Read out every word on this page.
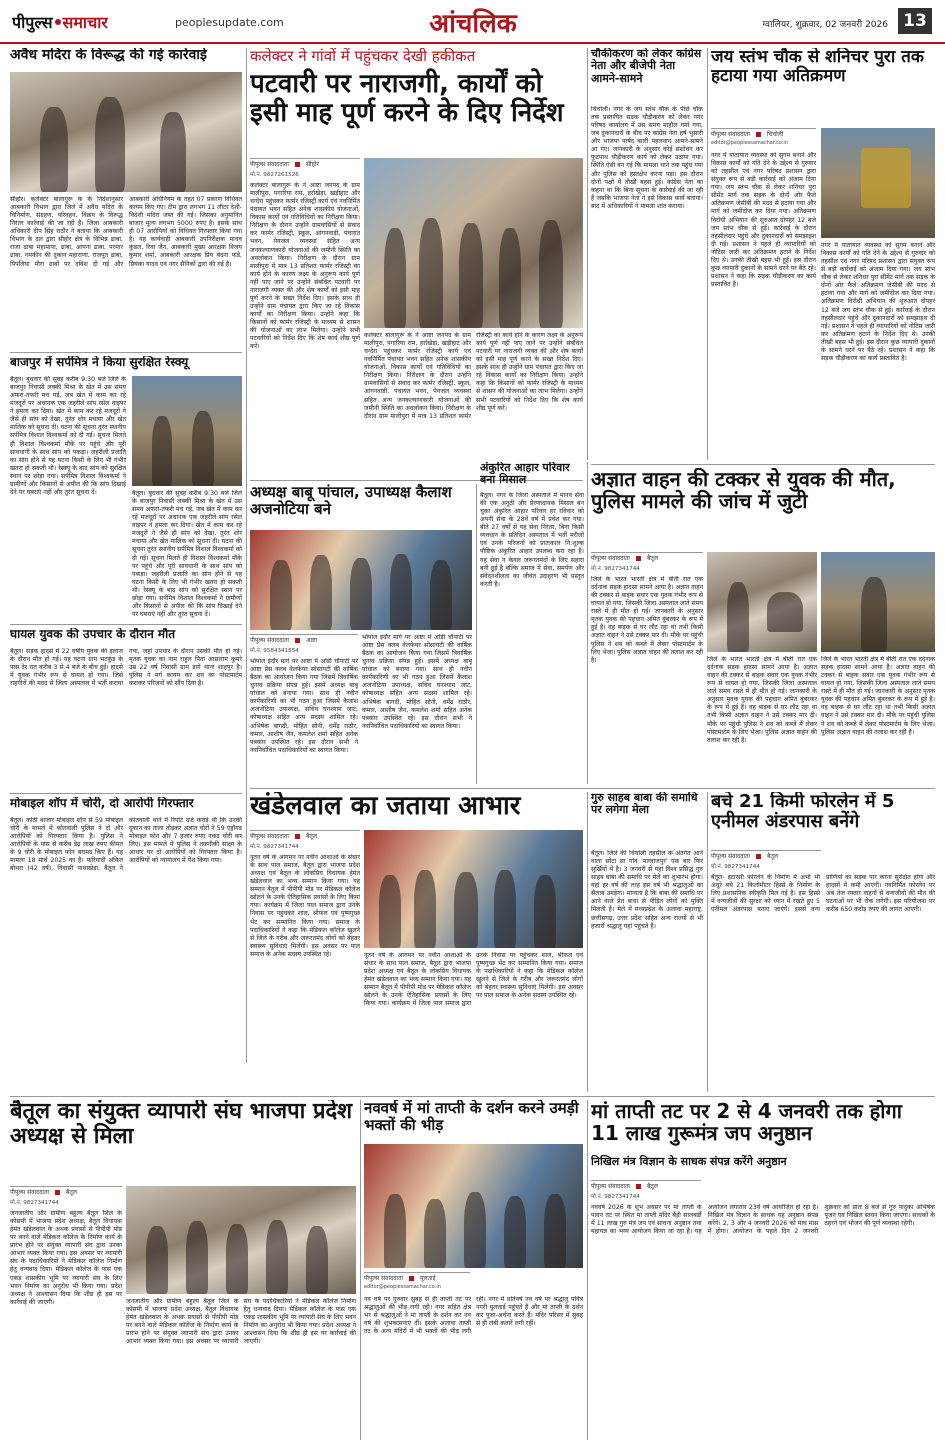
पीपुल्स समाचार	peoplesupdate.com	आंचलिक	ग्वालियर, शुक्रवार, 02 जनवरी 2026 13
अवैध मदिरा के विरूद्ध की गई कार्रवाई
सीहोर। कलेक्टर बालागुरू के के निर्देशानुसार आबकारी विभाग द्वारा जिले में अवैध मदिरा के विनिर्माण, संग्रहण, परिवहन, विक्रय के विरूद्ध निरंतर कार्रवाई की जा रही है। जिला आबकारी अधिकारी दीप सिंह राठौर ने बताया कि आबकारी विभाग के दल द्वारा सीहोर क्षेत्र के विभिन्न ढाबा, राजा ढाबा महामाया, ढाबा, आपना ढाबा, परमार ढाबा, नमकीन की दुकान महाराणा, राजपुत ढाबा, पिपलिया मीरा ढाबों पर दबिश दी गई और आबकारी अधिनियम के तहत 07 प्रकरण विधिवत कायम किए गए। टीम द्वारा लगभग 11 लीटर देशी-विदेशी मदिरा जब्त की गई। जिसका अनुमानित बाजार मूल्य लगभग 5000 रुपए है। इसके साथ ही 07 आरोपियों को विधिवत गिरफ्तार किया गया है। यह कार्यवाही आबकारी उपनिरीक्षक माधव कुंडल, रिवा जैन, आबकारी मुख्य आरक्षक विजय कुमार शर्मा, आबकारी आरक्षक प्रिय बंदना पांडे, प्रियंका यादव एवं नगर सैनिकों द्वारा की गई है।
बाजपुर में सर्पमित्र ने किया सुरक्षित रेस्क्यू
बैतूल। बुधवार की सुबह करीब 9:30 बजे जिले के बाजपुर निवासी लक्की मिश्रा के खेत में उस समय अफरा-तफरी मच गई, जब खेत में काम कर रहे मजदूरों पर अचानक एक जहरीले सांप रसेल वाइपर ने हमला कर दिया। खेत में काम कर रहे मजदूरों ने जैसे ही सांप को देखा, तुरंत शोर मचाया और खेत मालिक को सूचना दी। घटना की सूचना तुरंत स्थानीय सर्पमित्र विशाल विश्वकर्मा को दी गई। सूचना मिलते ही विशाल विश्वकर्मा मौके पर पहुंचे और पूरी सावधानी के साथ सांप को पकड़ा। जहरीली प्रजाति का सांप होने से यह घटना किसी के लिए भी गंभीर खतरा हो सकती थी। रेस्क्यू के बाद सांप को सुरक्षित स्थान पर छोड़ा गया। सर्पमित्र विशाल विश्वकर्मा ने ग्रामीणों और किसानों से अपील की कि सांप दिखाई देने पर घबराएं नहीं और तुरंत सूचना दें।	बैतूल। बुधवार की सुबह करीब 9:30 बजे जिले के बाजपुर निवासी लक्की मिश्रा के खेत में उस समय अफरा-तफरी मच गई, जब खेत में काम कर रहे मजदूरों पर अचानक एक जहरीले सांप रसेल वाइपर ने हमला कर दिया। खेत में काम कर रहे मजदूरों ने जैसे ही सांप को देखा, तुरंत शोर मचाया और खेत मालिक को सूचना दी। घटना की सूचना तुरंत स्थानीय सर्पमित्र विशाल विश्वकर्मा को दी गई। सूचना मिलते ही विशाल विश्वकर्मा मौके पर पहुंचे और पूरी सावधानी के साथ सांप को पकड़ा। जहरीली प्रजाति का सांप होने से यह घटना किसी के लिए भी गंभीर खतरा हो सकती थी। रेस्क्यू के बाद सांप को सुरक्षित स्थान पर छोड़ा गया। सर्पमित्र विशाल विश्वकर्मा ने ग्रामीणों और किसानों से अपील की कि सांप दिखाई देने पर घबराएं नहीं और तुरंत सूचना दें।
घायल युवक की उपचार के दौरान मौत
बैतूल। सड़क हादसे में 22 वर्षीय युवक की इलाज के दौरान मौत हो गई। यह घटना ग्राम भटकुंड के पास देर रात करीब 3 से 4 बजे के बीच हुई। हादसे में युवक गंभीर रूप से घायल हो गया। जिसे राहगीरों की मदद से जिला अस्पताल में भर्ती कराया गया, जहां उपचार के दौरान उसकी मौत हो गई। मृतक युवक का नाम राहुल पिता आसाराम कुमरे उम्र 22 वर्ष निवासी ग्राम डागे थाना शाहपुर है। पुलिस ने मर्ग कायम कर शव का पोस्टमार्टम कराकर परिजनों को सौंप दिया है।
मोबाइल शॉप में चोरी, दो आरोपी गिरफ्तार
बैतूल। कोठी बाजार मोबाइल शॉप से 59 मोबाइल चोरी के मामले में कोतवाली पुलिस ने दो और आरोपियों को गिरफ्तार किया है। पुलिस ने आरोपियों के पास से करीब डेढ़ लाख रुपए कीमत के 9 चोरी के मोबाइल फोन बरामद किए हैं। यह मामला 18 मार्च 2025 का है। फरियादी अंकित बोथरा (42 वर्ष), निवासी पाथाखेड़ा, बैतूल ने कोतवाली थाने में रिपोर्ट दर्ज कराई थी कि उनकी दुकान का ताला तोड़कर अज्ञात चोरों ने 59 एंड्रॉयड मोबाइल फोन और 7 हजार रुपए नकद चोरी कर लिए। इस मामले में पुलिस ने तकनीकी साक्ष्य के आधार पर दो आरोपियों को गिरफ्तार किया है। आरोपियों को न्यायालय में पेश किया गया।
कलेक्टर ने गांवों में पहुंचकर देखी हकीकत
पटवारी पर नाराजगी, कार्यों को इसी माह पूर्ण करने के दिए निर्देश
पीपुल्स संवाददाता	सीहोर
मो.नं. 9827261526
कलेक्टर बालागुरू के ने आष्टा जनपद के ग्राम मालीपुरा, पगारिया राम, हर्राखेड़ा, खड़ीहाट और चन्देरा पहुंचकर फार्मर रजिस्ट्री कार्य एवं नवनिर्मित पंचायत भवन सहित अनेक शासकीय योजनाओं, विकास कार्यों एवं गतिविधियों का निरीक्षण किया। निरीक्षण के दौरान उन्होंने ग्रामवासियों से संवाद कर फार्मर रजिस्ट्री, स्कूल, आंगनवाड़ी, पंचायत भवन, पेयजल व्यवस्था सहित अन्य जनकल्याणकारी योजनाओं की जमीनी स्थिति का अवलोकन किया। निरीक्षण के दौरान ग्राम मालीपुरा में मात्र 13 प्रतिशत फार्मर रजिस्ट्री का कार्य होने के कारण लक्ष्य के अनुरूप कार्य पूर्ण नहीं पाए जाने पर उन्होंने संबंधित पटवारी पर नाराजगी व्यक्त की और शेष कार्यों को इसी माह पूर्ण करने के सख्त निर्देश दिए। इसके साथ ही उन्होंने ग्राम पंचायत द्वारा किए जा रहे विकास कार्यों का निरीक्षण किया। उन्होंने कहा कि किसानों को फार्मर रजिस्ट्री के माध्यम से शासन की योजनाओं का लाभ मिलेगा। उन्होंने सभी पटवारियों को निर्देश दिए कि शेष कार्य शीघ्र पूर्ण करें।
कलेक्टर बालागुरू के ने आष्टा जनपद के ग्राम मालीपुरा, पगारिया राम, हर्राखेड़ा, खड़ीहाट और चन्देरा पहुंचकर फार्मर रजिस्ट्री कार्य एवं नवनिर्मित पंचायत भवन सहित अनेक शासकीय योजनाओं, विकास कार्यों एवं गतिविधियों का निरीक्षण किया। निरीक्षण के दौरान उन्होंने ग्रामवासियों से संवाद कर फार्मर रजिस्ट्री, स्कूल, आंगनवाड़ी, पंचायत भवन, पेयजल व्यवस्था सहित अन्य जनकल्याणकारी योजनाओं की जमीनी स्थिति का अवलोकन किया। निरीक्षण के दौरान ग्राम मालीपुरा में मात्र 13 प्रतिशत फार्मर रजिस्ट्री का कार्य होने के कारण लक्ष्य के अनुरूप कार्य पूर्ण नहीं पाए जाने पर उन्होंने संबंधित पटवारी पर नाराजगी व्यक्त की और शेष कार्यों को इसी माह पूर्ण करने के सख्त निर्देश दिए। इसके साथ ही उन्होंने ग्राम पंचायत द्वारा किए जा रहे विकास कार्यों का निरीक्षण किया। उन्होंने कहा कि किसानों को फार्मर रजिस्ट्री के माध्यम से शासन की योजनाओं का लाभ मिलेगा। उन्होंने सभी पटवारियों को निर्देश दिए कि शेष कार्य शीघ्र पूर्ण करें।
चौकीकरण को लेकर कांग्रेस नेता और बीजेपी नेता आमने-सामने
चिचोली। नगर के जय स्तंभ चौक के पीछे चौक तक प्रस्तावित सड़क चौड़ीकरण को लेकर नगर परिषद कार्यालय में उस समय माहौल गर्मा गया, जब दुकानदारों के बीच पर कांग्रेस नेता हर्ष भुसारी और भाजपा पार्षद बाली पहलवान आमने-सामने आ गए। जानकारी के अनुसार कोई संशोधन कर फुटपाथ चौड़ीकरण कार्य को लेकर उठाया गया। स्थिति ऐसी बन गई कि मामला थाने तक पहुंच गया और पुलिस को हस्तक्षेप करना पड़ा। इस दौरान दोनों पक्षों में तीखी बहस हुई। कांग्रेस नेता का कहना था कि बिना सूचना के कार्रवाई की जा रही है जबकि भाजपा नेता ने इसे विकास कार्य बताया। बाद में अधिकारियों ने मामला शांत कराया।
जय स्तंभ चौक से शनिचर पुरा तक हटाया गया अतिक्रमण
पीपुल्स संवाददाता	चिचोली
editor@peoplessamachar.co.in
नगर में यातायात व्यवस्था को सुगम बनाने और विकास कार्यों को गति देने के उद्देश्य से गुरुवार को तहसील एवं नगर परिषद प्रशासन द्वारा संयुक्त रूप से बड़ी कार्रवाई को अंजाम दिया गया। जय स्तंभ चौक से लेकर शनिचर पुरा सीमेंट मार्ग तक सड़क के दोनों ओर फैले अतिक्रमण जेसीबी की मदद से हटाया गया और मार्ग को जमींदोज कर दिया गया। अतिक्रमण विरोधी अभियान की शुरुआत दोपहर 12 बजे जय स्तंभ चौक से हुई। कार्रवाई के दौरान तहसीलदार पहुंचे और दुकानदारों को समझाइश दी गई। प्रशासन ने पहले ही व्यापारियों को नोटिस जारी कर अतिक्रमण हटाने के निर्देश दिए थे। उनकी तीखी बहस भी हुई। इस दौरान कुछ व्यापारी दुकानों के सामने धरने पर बैठे रहे। प्रशासन ने कहा कि सड़क चौड़ीकरण का कार्य प्रस्तावित है।
नगर में यातायात व्यवस्था को सुगम बनाने और विकास कार्यों को गति देने के उद्देश्य से गुरुवार को तहसील एवं नगर परिषद प्रशासन द्वारा संयुक्त रूप से बड़ी कार्रवाई को अंजाम दिया गया। जय स्तंभ चौक से लेकर शनिचर पुरा सीमेंट मार्ग तक सड़क के दोनों ओर फैले अतिक्रमण जेसीबी की मदद से हटाया गया और मार्ग को जमींदोज कर दिया गया। अतिक्रमण विरोधी अभियान की शुरुआत दोपहर 12 बजे जय स्तंभ चौक से हुई। कार्रवाई के दौरान तहसीलदार पहुंचे और दुकानदारों को समझाइश दी गई। प्रशासन ने पहले ही व्यापारियों को नोटिस जारी कर अतिक्रमण हटाने के निर्देश दिए थे। उनकी तीखी बहस भी हुई। इस दौरान कुछ व्यापारी दुकानों के सामने धरने पर बैठे रहे। प्रशासन ने कहा कि सड़क चौड़ीकरण का कार्य प्रस्तावित है।
अध्यक्ष बाबू पांचाल, उपाध्यक्ष कैलाश अजनोटिया बने
पीपुल्स संवाददाता	आष्टा
मो.नं. 9584341854
भोपाल इंदौर मार्ग पर आष्टा में ओंडी चौपाटी पर आष्टा प्रेस क्लब वेलफेयर सोसायटी की वार्षिक बैठक का आयोजन किया गया जिसमें त्रिवार्षिक चुनाव प्रक्रिया संपन्न हुई। इसमें अध्यक्ष बाबू पांचाल को बनाया गया। साथ ही नवीन कार्यकारिणी का भी गठन हुआ जिसमें कैलाश अजनोटिया उपाध्यक्ष, सचिव घनश्याम जाट, कोषाध्यक्ष सहित अन्य सदस्य शामिल रहे। अभिषेक बागदी, मोहित सोनी, धर्मेंद्र राठौर, कमल, आशीष जैन, कमलेश शर्मा सहित अनेक पत्रकार उपस्थित रहे। इस दौरान सभी ने नवनिर्वाचित पदाधिकारियों का स्वागत किया।
भोपाल इंदौर मार्ग पर आष्टा में ओंडी चौपाटी पर आष्टा प्रेस क्लब वेलफेयर सोसायटी की वार्षिक बैठक का आयोजन किया गया जिसमें त्रिवार्षिक चुनाव प्रक्रिया संपन्न हुई। इसमें अध्यक्ष बाबू पांचाल को बनाया गया। साथ ही नवीन कार्यकारिणी का भी गठन हुआ जिसमें कैलाश अजनोटिया उपाध्यक्ष, सचिव घनश्याम जाट, कोषाध्यक्ष सहित अन्य सदस्य शामिल रहे। अभिषेक बागदी, मोहित सोनी, धर्मेंद्र राठौर, कमल, आशीष जैन, कमलेश शर्मा सहित अनेक पत्रकार उपस्थित रहे। इस दौरान सभी ने नवनिर्वाचित पदाधिकारियों का स्वागत किया।
अंकुरित आहार परिवार बना मिसाल
बैतूल। नगर के जिला अस्पताल में मानव सेवा की एक अनूठी और प्रेरणादायक मिसाल बन चुका अंकुरित आहार परिवार हर रविवार को अपनी सेवा के 28वें वर्ष में प्रवेश कर गया। बीते 27 वर्षों से यह सेवा निरंतर, बिना किसी व्यवधान के प्रतिदिन अस्पताल में भर्ती मरीजों एवं उनके परिजनों को प्रातःकाल नि:शुल्क पौष्टिक अंकुरित आहार उपलब्ध करा रहा है। यह सेवा न केवल जरूरतमंदों के लिए सहारा बनी हुई है बल्कि समाज में सेवा, समर्पण और संवेदनशीलता का जीवंत उदाहरण भी प्रस्तुत करती है।
अज्ञात वाहन की टक्कर से युवक की मौत, पुलिस मामले की जांच में जुटी
पीपुल्स संवाददाता	बैतूल
मो.नं. 9827341744
जिले के भारत भारती क्षेत्र में बीती रात एक दर्दनाक सड़क हादसा सामने आया है। अज्ञात वाहन की टक्कर से बाइक सवार एक युवक गंभीर रूप से घायल हो गया, जिसकी जिला अस्पताल लाते समय रास्ते में ही मौत हो गई। जानकारी के अनुसार मृतक युवक की पहचान अमित बुंबरकर के रूप में हुई है। वह बाइक से घर लौट रहा था तभी किसी अज्ञात वाहन ने उसे टक्कर मार दी। मौके पर पहुंची पुलिस ने शव को कब्जे में लेकर पोस्टमार्टम के लिए भेजा। पुलिस अज्ञात वाहन की तलाश कर रही है।	जिले के भारत भारती क्षेत्र में बीती रात एक दर्दनाक सड़क हादसा सामने आया है। अज्ञात वाहन की टक्कर से बाइक सवार एक युवक गंभीर रूप से घायल हो गया, जिसकी जिला अस्पताल लाते समय रास्ते में ही मौत हो गई। जानकारी के अनुसार मृतक युवक की पहचान अमित बुंबरकर के रूप में हुई है। वह बाइक से घर लौट रहा था तभी किसी अज्ञात वाहन ने उसे टक्कर मार दी। मौके पर पहुंची पुलिस ने शव को कब्जे में लेकर पोस्टमार्टम के लिए भेजा। पुलिस अज्ञात वाहन की तलाश कर रही है।
जिले के भारत भारती क्षेत्र में बीती रात एक दर्दनाक सड़क हादसा सामने आया है। अज्ञात वाहन की टक्कर से बाइक सवार एक युवक गंभीर रूप से घायल हो गया, जिसकी जिला अस्पताल लाते समय रास्ते में ही मौत हो गई। जानकारी के अनुसार मृतक युवक की पहचान अमित बुंबरकर के रूप में हुई है। वह बाइक से घर लौट रहा था तभी किसी अज्ञात वाहन ने उसे टक्कर मार दी। मौके पर पहुंची पुलिस ने शव को कब्जे में लेकर पोस्टमार्टम के लिए भेजा। पुलिस अज्ञात वाहन की तलाश कर रही है।
खंडेलवाल का जताया आभार
पीपुल्स संवाददाता	बैतूल
मो.नं. 9827341744
नूतन वर्ष के आगमन पर नवीन आशाओं के संचार के साथ पाल समाज, बैतूल द्वारा भाजपा प्रदेश अध्यक्ष एवं बैतूल के लोकप्रिय विधायक हेमंत खंडेलवाल का भव्य सम्मान किया गया। यह सम्मान बैतूल में पीपीपी मोड पर मेडिकल कॉलेज खोलने के उनके ऐतिहासिक प्रयासों के लिए किया गया। कार्यक्रम में जिला पाल समाज द्वारा उनके निवास पर पहुंचकर शाल, श्रीफल एवं पुष्पगुच्छ भेंट कर सम्मानित किया गया। समाज के पदाधिकारियों ने कहा कि मेडिकल कॉलेज खुलने से जिले के गरीब और जरूरतमंद लोगों को बेहतर स्वास्थ्य सुविधाएं मिलेंगी। इस अवसर पर पाल समाज के अनेक सदस्य उपस्थित रहे।	नूतन वर्ष के आगमन पर नवीन आशाओं के संचार के साथ पाल समाज, बैतूल द्वारा भाजपा प्रदेश अध्यक्ष एवं बैतूल के लोकप्रिय विधायक हेमंत खंडेलवाल का भव्य सम्मान किया गया। यह सम्मान बैतूल में पीपीपी मोड पर मेडिकल कॉलेज खोलने के उनके ऐतिहासिक प्रयासों के लिए किया गया। कार्यक्रम में जिला पाल समाज द्वारा उनके निवास पर पहुंचकर शाल, श्रीफल एवं पुष्पगुच्छ भेंट कर सम्मानित किया गया। समाज के पदाधिकारियों ने कहा कि मेडिकल कॉलेज खुलने से जिले के गरीब और जरूरतमंद लोगों को बेहतर स्वास्थ्य सुविधाएं मिलेंगी। इस अवसर पर पाल समाज के अनेक सदस्य उपस्थित रहे।
गुरु साहब बाबा की समाधि पर लगेगा मेला
बैतूल। जिले की चिचोली तहसील के अंतर्गत आने वाला छोटा सा गांव 'मल्लाजपुर' एक बार फिर सुर्खियों में है। 3 जनवरी से यहां विश्व प्रसिद्ध गुरु साहब बाबा की समाधि पर मेले का शुभारंभ होगा। यहां हर वर्ष की तरह इस वर्ष भी श्रद्धालुओं का सैलाब उमड़ेगा। मान्यता है कि बाबा की समाधि पर आने वाले प्रेत बाधा से पीड़ित लोगों को मुक्ति मिलती है। मेले में मध्यप्रदेश के अलावा महाराष्ट्र, छत्तीसगढ़, उत्तर प्रदेश सहित अन्य राज्यों से भी हजारों श्रद्धालु यहां पहुंचते हैं।
बचे 21 किमी फोरलेन में 5 एनीमल अंडरपास बनेंगे
पीपुल्स संवाददाता	बैतूल
मो.नं. 9827341744
बैतूल- इटारसी फोरलेन के निर्माण में अभी भी अधूरे बचे 21 किलोमीटर हिस्से के निर्माण के लिए प्रशासनिक स्वीकृति मिल गई है। इस हिस्से में वन्यजीवों की सुरक्षा को ध्यान में रखते हुए 5 एनीमल अंडरपास बनाए जाएंगे। इससे वन्य प्राणियों का सड़क पार करना सुरक्षित होगा और हादसों में कमी आएगी। नवनिर्मित फोरलेन पर अब तेज रफ्तार वाहनों से वन्यजीवों की मौत की घटनाओं पर भी रोक लगेगी। इस परियोजना पर करीब 650 करोड़ रुपए की लागत आएगी।
बैतूल का संयुक्त व्यापारी संघ भाजपा प्रदेश अध्यक्ष से मिला
पीपुल्स संवाददाता	बैतूल
मो.नं. 9827341744
जनजातीय और ग्रामीण बहुल्य बैतूल जिले के कोसमी में भाजपा प्रदेश अध्यक्ष, बैतूल विधायक हेमंत खंडेलवाल के अथक प्रयासों से पीपीपी मोड पर बनने वाले मेडिकल कॉलेज के निर्माण कार्य के प्रारंभ होने पर संयुक्त व्यापारी संघ द्वारा उनका आभार व्यक्त किया गया। इस अवसर पर व्यापारी संघ के पदाधिकारियों ने मेडिकल कॉलेज निर्माण हेतु धन्यवाद दिया। मेडिकल कॉलेज के पास एक एकड़ शासकीय भूमि पर व्यापारी संघ के लिए भवन निर्माण का अनुरोध भी किया गया। प्रदेश अध्यक्ष ने आश्वासन दिया कि शीघ्र ही इस पर कार्रवाई की जाएगी।	जनजातीय और ग्रामीण बहुल्य बैतूल जिले के कोसमी में भाजपा प्रदेश अध्यक्ष, बैतूल विधायक हेमंत खंडेलवाल के अथक प्रयासों से पीपीपी मोड पर बनने वाले मेडिकल कॉलेज के निर्माण कार्य के प्रारंभ होने पर संयुक्त व्यापारी संघ द्वारा उनका आभार व्यक्त किया गया। इस अवसर पर व्यापारी संघ के पदाधिकारियों ने मेडिकल कॉलेज निर्माण हेतु धन्यवाद दिया। मेडिकल कॉलेज के पास एक एकड़ शासकीय भूमि पर व्यापारी संघ के लिए भवन निर्माण का अनुरोध भी किया गया। प्रदेश अध्यक्ष ने आश्वासन दिया कि शीघ्र ही इस पर कार्रवाई की जाएगी।
नववर्ष में मां ताप्ती के दर्शन करने उमड़ी भक्तों की भीड़
पीपुल्स संवाददाता	मुलताई
editor@peoplessamachar.co.in
नव वर्ष पर गुरुवार सुबह से ही ताप्ती तट पर श्रद्धालुओं की भीड़ लगी रही। नगर सहित क्षेत्र भर से श्रद्धालुओं ने मां ताप्ती के दर्शन कर नव वर्ष की शुभकामनाएं दीं। इसके अलावा ताप्ती तट के अन्य मंदिरों में भी भक्तों की भीड़ लगी रही। नगर में प्रतिवर्ष नव वर्ष पर श्रद्धालु पवित्र नगरी मुलताई पहुंचते हैं और मां ताप्ती के दर्शन कर पूजा-अर्चना करते हैं। मंदिर परिसर में सुबह से ही लंबी कतारें लगी रहीं।
मां ताप्ती तट पर 2 से 4 जनवरी तक होगा 11 लाख गुरूमंत्र जप अनुष्ठान
निखिल मंत्र विज्ञान के साधक संपन्न करेंगे अनुष्ठान
पीपुल्स संवाददाता	बैतूल
मो.नं. 9827341744
नववर्ष 2026 के शुभ अवसर पर मां ताप्ती के पावन तट पर स्थित मां ताप्ती मंदिर बैंड़ी सालबर्डी में 11 लाख गुरु मंत्र जप एवं साधना अनुष्ठान तथा महायज्ञ का भव्य आयोजन किया जा रहा है। यह आयोजन लगातार 23वें वर्ष आयोजित हो रहा है। निखिल मंत्र विज्ञान के साधक यह अनुष्ठान संपन्न करेंगे। 2, 3 और 4 जनवरी 2026 को माघ मास में होगा। आयोजन के पहले दिन 2 जनवरी शुक्रवार को प्रातः 8 बजे से गुरु पादुका अभिषेक पूजन एवं निखिल स्तवन किया जाएगा। साधकों के ठहरने एवं भोजन की पूर्ण व्यवस्था रहेगी।
